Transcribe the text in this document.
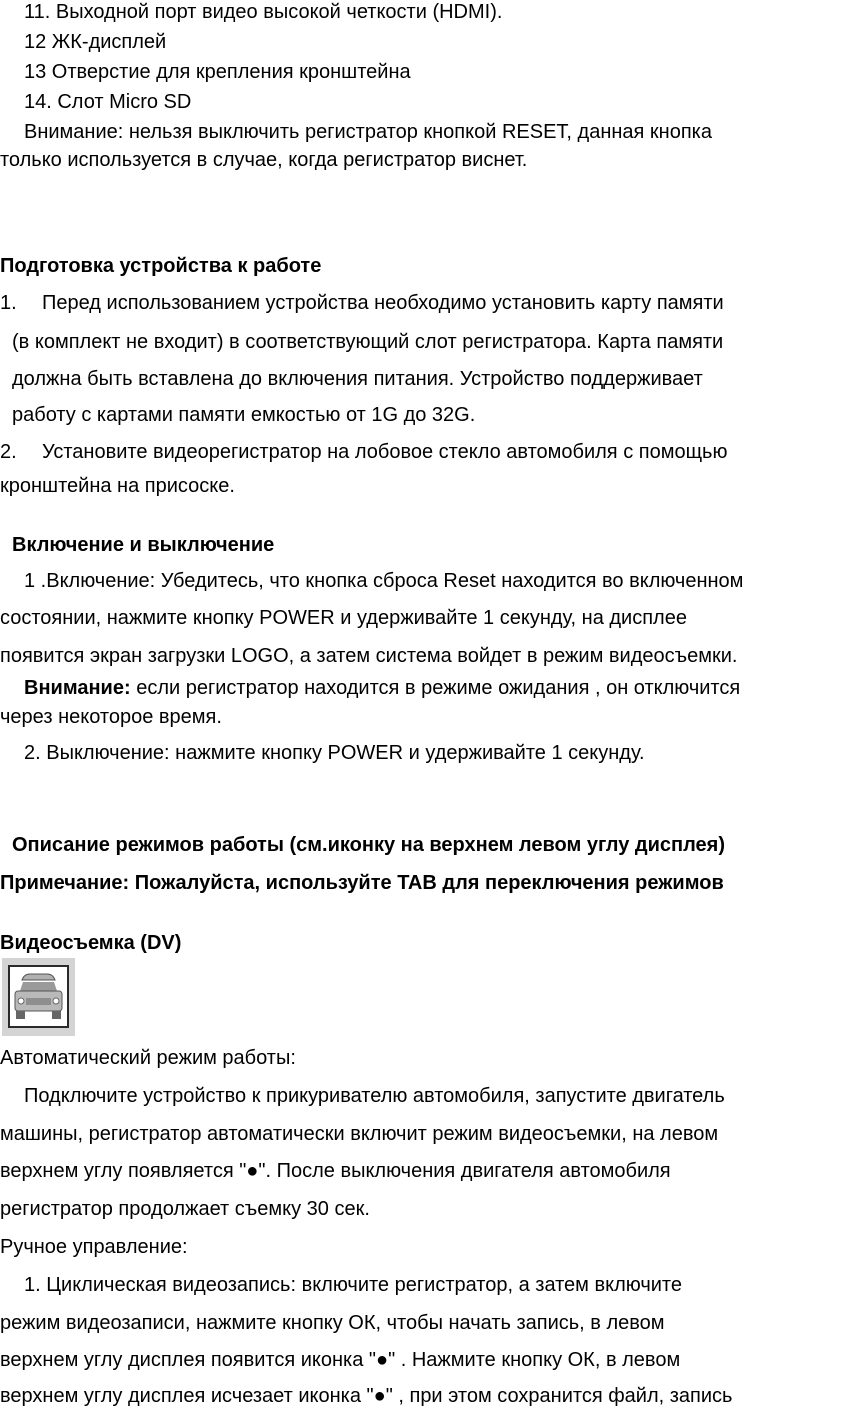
11. Выходной порт видео высокой четкости (HDMI).
12 ЖК-дисплей
13 Отверстие для крепления кронштейна
14. Слот Micro SD
Внимание: нельзя выключить регистратор кнопкой RESET, данная кнопка
только используется в случае, когда регистратор виснет.
Подготовка устройства к работе
1. Перед использованием устройства необходимо установить карту памяти
(в комплект не входит) в соответствующий слот регистратора. Карта памяти
должна быть вставлена до включения питания. Устройство поддерживает
работу с картами памяти емкостью от 1G до 32G.
2. Установите видеорегистратор на лобовое стекло автомобиля с помощью
кронштейна на присоске.
Включение и выключение
1 .Включение: Убедитесь, что кнопка сброса Reset находится во включенном
состоянии, нажмите кнопку POWER и удерживайте 1 секунду, на дисплее
появится экран загрузки LOGO, а затем система войдет в режим видеосъемки.
Внимание: если регистратор находится в режиме ожидания , он отключится
через некоторое время.
2. Выключение: нажмите кнопку POWER и удерживайте 1 секунду.
Описание режимов работы (см.иконку на верхнем левом углу дисплея)
Примечание: Пожалуйста, используйте TAB для переключения режимов
Видеосъемка (DV)
Автоматический режим работы:
Подключите устройство к прикуривателю автомобиля, запустите двигатель
машины, регистратор автоматически включит режим видеосъемки, на левом
верхнем углу появляется "●". После выключения двигателя автомобиля
регистратор продолжает съемку 30 сек.
Ручное управление:
1. Циклическая видеозапись: включите регистратор, а затем включите
режим видеозаписи, нажмите кнопку ОК, чтобы начать запись, в левом
верхнем углу дисплея появится иконка "●" . Нажмите кнопку ОК, в левом
верхнем углу дисплея исчезает иконка "●" , при этом сохранится файл, запись
